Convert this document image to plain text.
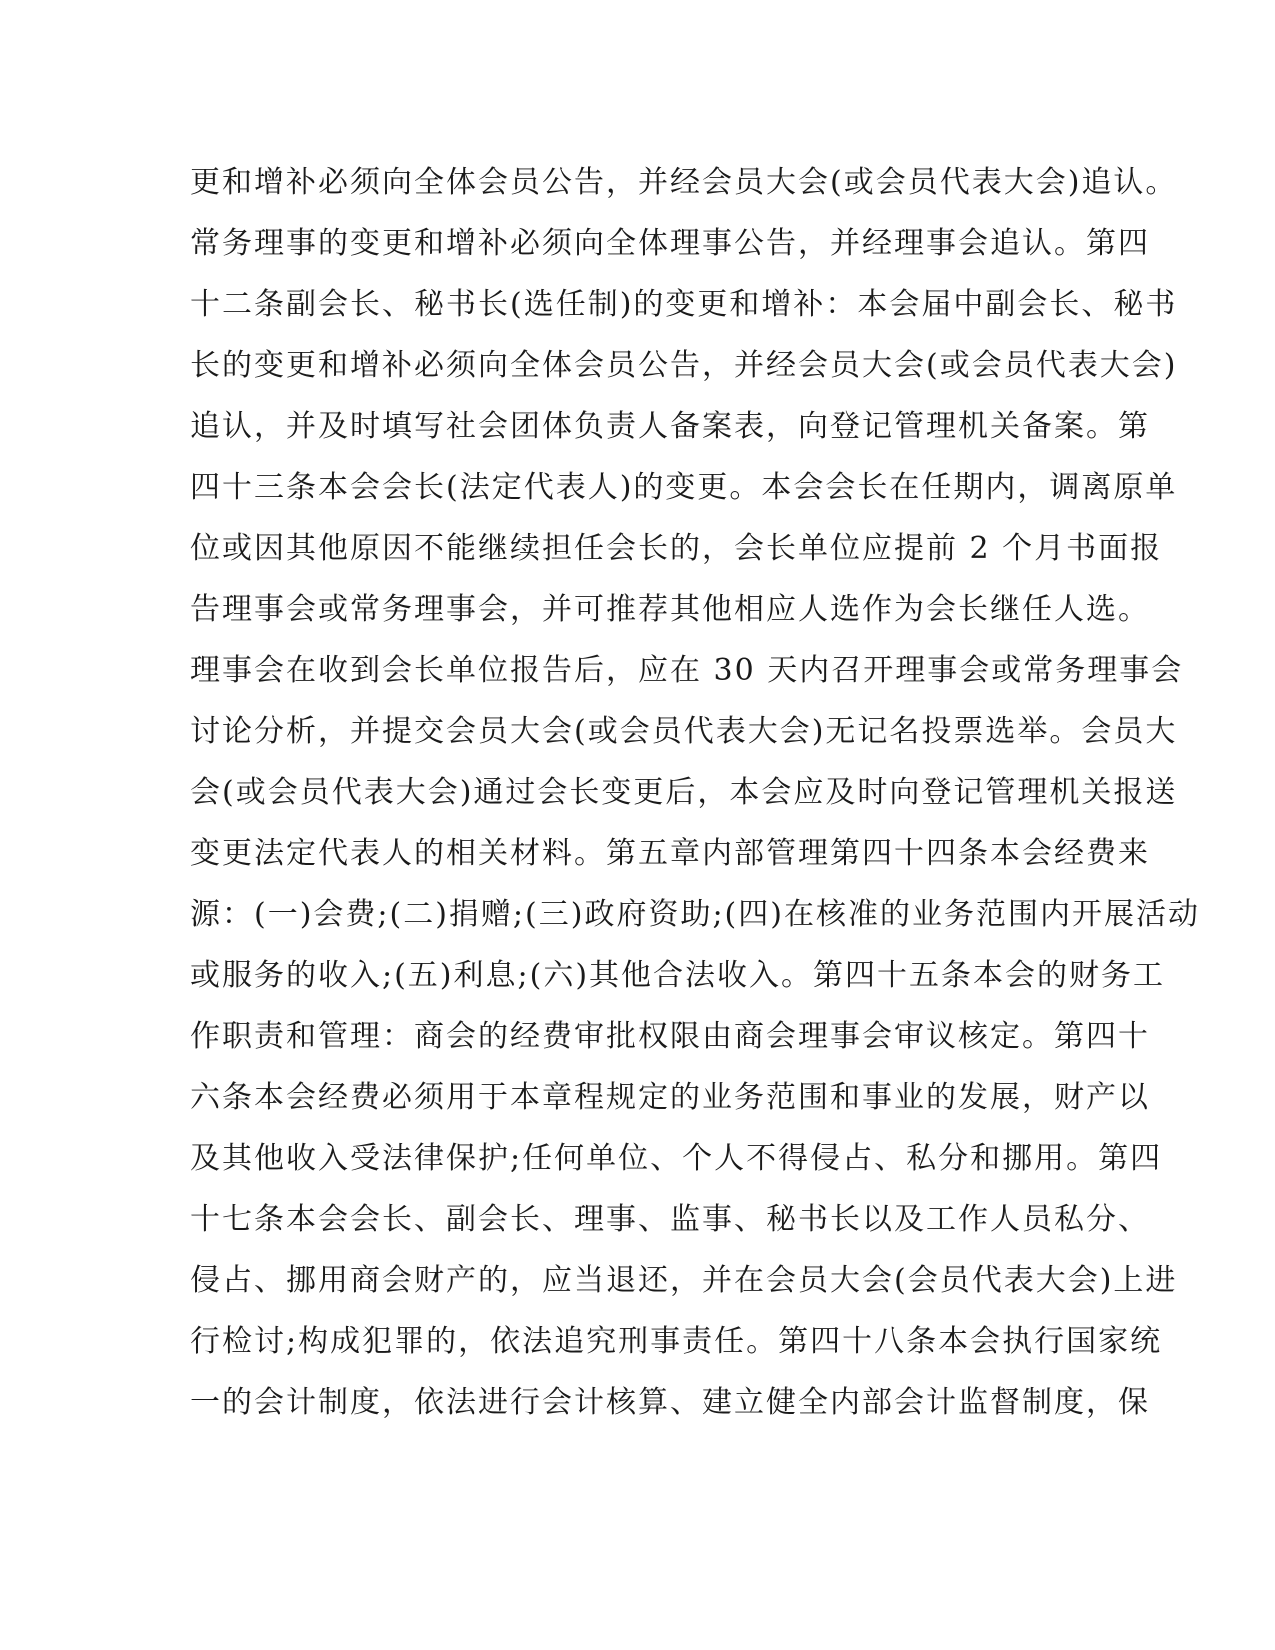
更和增补必须向全体会员公告，并经会员大会(或会员代表大会)追认。
常务理事的变更和增补必须向全体理事公告，并经理事会追认。第四
十二条副会长、秘书长(选任制)的变更和增补：本会届中副会长、秘书
长的变更和增补必须向全体会员公告，并经会员大会(或会员代表大会)
追认，并及时填写社会团体负责人备案表，向登记管理机关备案。第
四十三条本会会长(法定代表人)的变更。本会会长在任期内，调离原单
位或因其他原因不能继续担任会长的，会长单位应提前 2 个月书面报
告理事会或常务理事会，并可推荐其他相应人选作为会长继任人选。
理事会在收到会长单位报告后，应在 30 天内召开理事会或常务理事会
讨论分析，并提交会员大会(或会员代表大会)无记名投票选举。会员大
会(或会员代表大会)通过会长变更后，本会应及时向登记管理机关报送
变更法定代表人的相关材料。第五章内部管理第四十四条本会经费来
源：(一)会费;(二)捐赠;(三)政府资助;(四)在核准的业务范围内开展活动
或服务的收入;(五)利息;(六)其他合法收入。第四十五条本会的财务工
作职责和管理：商会的经费审批权限由商会理事会审议核定。第四十
六条本会经费必须用于本章程规定的业务范围和事业的发展，财产以
及其他收入受法律保护;任何单位、个人不得侵占、私分和挪用。第四
十七条本会会长、副会长、理事、监事、秘书长以及工作人员私分、
侵占、挪用商会财产的，应当退还，并在会员大会(会员代表大会)上进
行检讨;构成犯罪的，依法追究刑事责任。第四十八条本会执行国家统
一的会计制度，依法进行会计核算、建立健全内部会计监督制度，保
